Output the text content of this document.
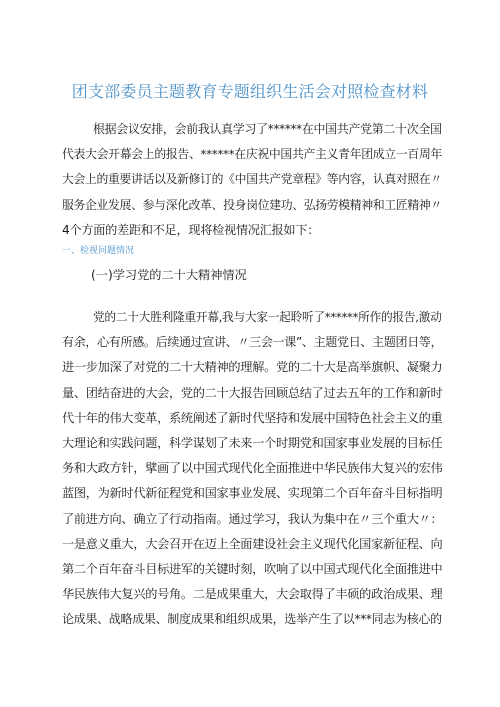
团支部委员主题教育专题组织生活会对照检查材料
根据会议安排，会前我认真学习了******在中国共产党第二十次全国
代表大会开幕会上的报告、******在庆祝中国共产主义青年团成立一百周年
大会上的重要讲话以及新修订的《中国共产党章程》等内容，认真对照在〃
服务企业发展、参与深化改革、投身岗位建功、弘扬劳模精神和工匠精神〃
4个方面的差距和不足，现将检视情况汇报如下：
一、检视问题情况
(一)学习党的二十大精神情况
党的二十大胜利隆重开幕,我与大家一起聆听了******所作的报告,激动
有余，心有所感。后续通过宣讲、〃三会一课”、主题党日、主题团日等，
进一步加深了对党的二十大精神的理解。党的二十大是高举旗帜、凝聚力
量、团结奋进的大会，党的二十大报告回顾总结了过去五年的工作和新时
代十年的伟大变革，系统阐述了新时代坚持和发展中国特色社会主义的重
大理论和实践问题，科学谋划了未来一个时期党和国家事业发展的目标任
务和大政方针，擘画了以中国式现代化全面推进中华民族伟大复兴的宏伟
蓝图，为新时代新征程党和国家事业发展、实现第二个百年奋斗目标指明
了前进方向、确立了行动指南。通过学习，我认为集中在〃三个重大〃：
一是意义重大，大会召开在迈上全面建设社会主义现代化国家新征程、向
第二个百年奋斗目标进军的关键时刻，吹响了以中国式现代化全面推进中
华民族伟大复兴的号角。二是成果重大，大会取得了丰硕的政治成果、理
论成果、战略成果、制度成果和组织成果，选举产生了以***同志为核心的
